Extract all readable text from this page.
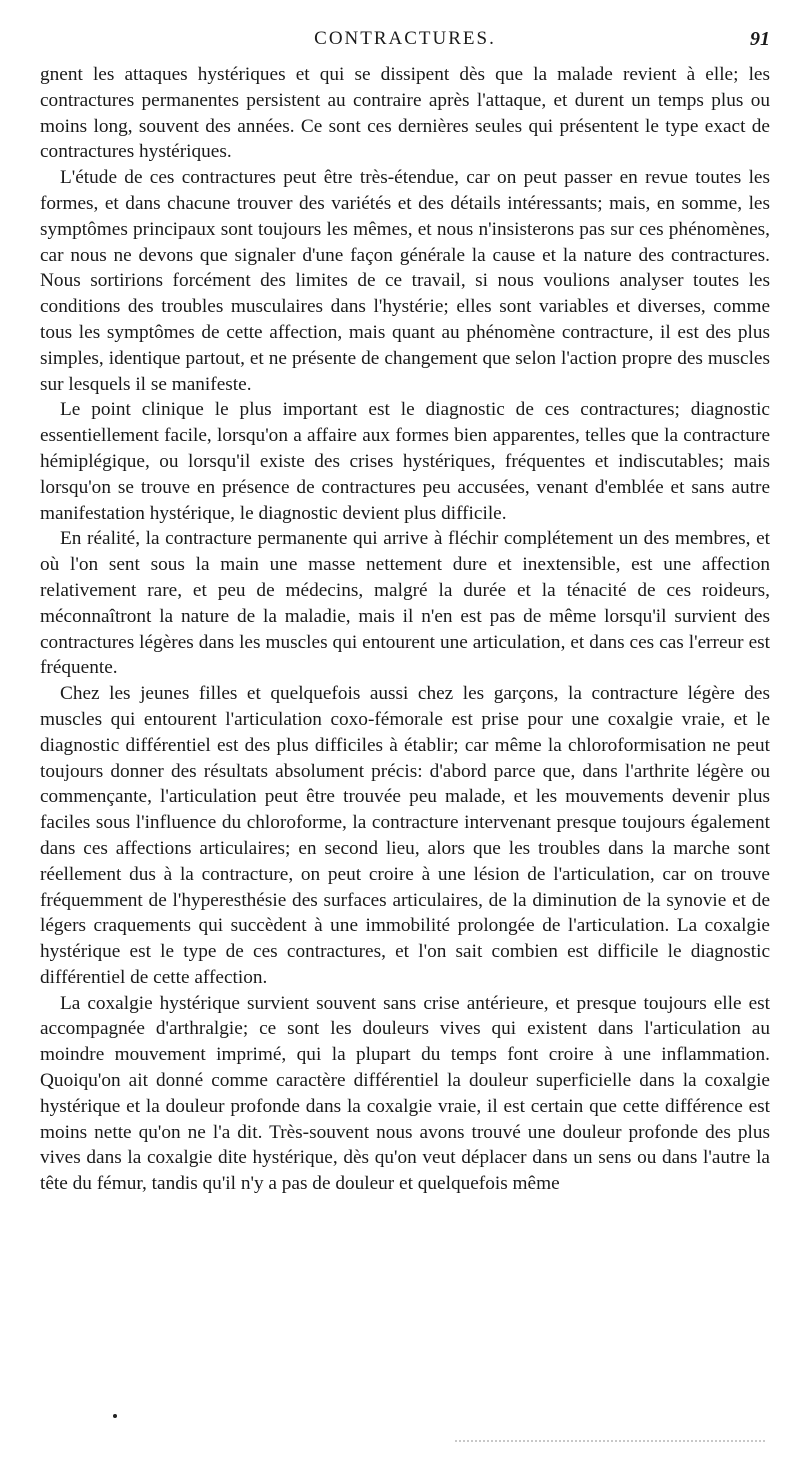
CONTRACTURES.	91

gnent les attaques hystériques et qui se dissipent dès que la malade revient à elle; les contractures permanentes persistent au contraire après l'attaque, et durent un temps plus ou moins long, souvent des années. Ce sont ces dernières seules qui présentent le type exact de contractures hystériques.

L'étude de ces contractures peut être très-étendue, car on peut passer en revue toutes les formes, et dans chacune trouver des variétés et des détails intéressants; mais, en somme, les symptômes principaux sont toujours les mêmes, et nous n'insisterons pas sur ces phénomènes, car nous ne devons que signaler d'une façon générale la cause et la nature des contractures. Nous sortirions forcément des limites de ce travail, si nous voulions analyser toutes les conditions des troubles musculaires dans l'hystérie; elles sont variables et diverses, comme tous les symptômes de cette affection, mais quant au phénomène contracture, il est des plus simples, identique partout, et ne présente de changement que selon l'action propre des muscles sur lesquels il se manifeste.

Le point clinique le plus important est le diagnostic de ces contractures; diagnostic essentiellement facile, lorsqu'on a affaire aux formes bien apparentes, telles que la contracture hémiplégique, ou lorsqu'il existe des crises hystériques, fréquentes et indiscutables; mais lorsqu'on se trouve en présence de contractures peu accusées, venant d'emblée et sans autre manifestation hystérique, le diagnostic devient plus difficile.

En réalité, la contracture permanente qui arrive à fléchir complétement un des membres, et où l'on sent sous la main une masse nettement dure et inextensible, est une affection relativement rare, et peu de médecins, malgré la durée et la ténacité de ces roideurs, méconnaîtront la nature de la maladie, mais il n'en est pas de même lorsqu'il survient des contractures légères dans les muscles qui entourent une articulation, et dans ces cas l'erreur est fréquente.

Chez les jeunes filles et quelquefois aussi chez les garçons, la contracture légère des muscles qui entourent l'articulation coxo-fémorale est prise pour une coxalgie vraie, et le diagnostic différentiel est des plus difficiles à établir; car même la chloroformisation ne peut toujours donner des résultats absolument précis: d'abord parce que, dans l'arthrite légère ou commençante, l'articulation peut être trouvée peu malade, et les mouvements devenir plus faciles sous l'influence du chloroforme, la contracture intervenant presque toujours également dans ces affections articulaires; en second lieu, alors que les troubles dans la marche sont réellement dus à la contracture, on peut croire à une lésion de l'articulation, car on trouve fréquemment de l'hyperesthésie des surfaces articulaires, de la diminution de la synovie et de légers craquements qui succèdent à une immobilité prolongée de l'articulation. La coxalgie hystérique est le type de ces contractures, et l'on sait combien est difficile le diagnostic différentiel de cette affection.

La coxalgie hystérique survient souvent sans crise antérieure, et presque toujours elle est accompagnée d'arthralgie; ce sont les douleurs vives qui existent dans l'articulation au moindre mouvement imprimé, qui la plupart du temps font croire à une inflammation. Quoiqu'on ait donné comme caractère différentiel la douleur superficielle dans la coxalgie hystérique et la douleur profonde dans la coxalgie vraie, il est certain que cette différence est moins nette qu'on ne l'a dit. Très-souvent nous avons trouvé une douleur profonde des plus vives dans la coxalgie dite hystérique, dès qu'on veut déplacer dans un sens ou dans l'autre la tête du fémur, tandis qu'il n'y a pas de douleur et quelquefois même
